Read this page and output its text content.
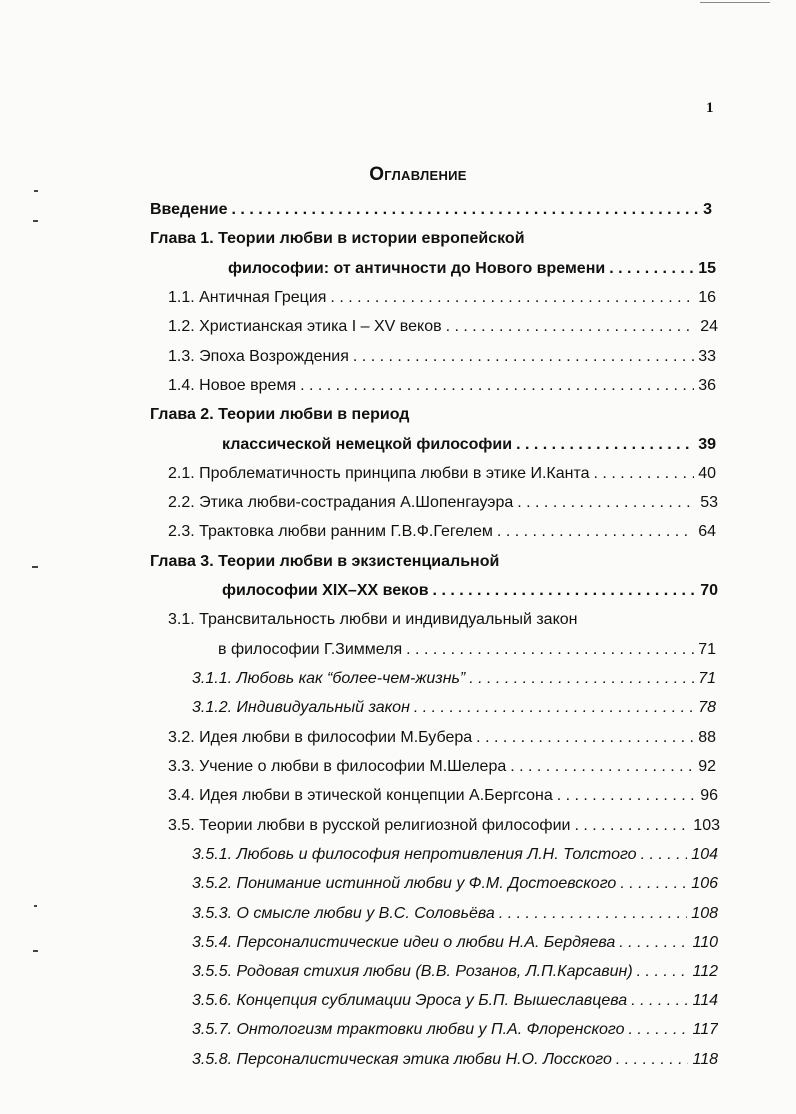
1
Оглавление
Введение . . .	3
Глава 1. Теории любви в истории европейской
философии: от античности до Нового времени . . .	15
1.1. Античная Греция . . .	16
1.2. Христианская этика I – XV веков . . .	24
1.3. Эпоха Возрождения . . .	33
1.4. Новое время . . .	36
Глава 2. Теории любви в период
классической немецкой философии . . .	39
2.1. Проблематичность принципа любви в этике И.Канта . . .	40
2.2. Этика любви-сострадания А.Шопенгауэра . . .	53
2.3. Трактовка любви ранним Г.В.Ф.Гегелем . . .	64
Глава 3. Теории любви в экзистенциальной
философии XIX–XX веков . . .	70
3.1. Трансвитальность любви и индивидуальный закон
в философии Г.Зиммеля . . .	71
3.1.1. Любовь как “более-чем-жизнь” . . .	71
3.1.2. Индивидуальный закон . . .	78
3.2. Идея любви в философии М.Бубера . . .	88
3.3. Учение о любви в философии М.Шелера . . .	92
3.4. Идея любви в этической концепции А.Бергсона . . .	96
3.5. Теории любви в русской религиозной философии . . .	103
3.5.1. Любовь и философия непротивления Л.Н. Толстого . . .	104
3.5.2. Понимание истинной любви у Ф.М. Достоевского . . .	106
3.5.3. О смысле любви у В.С. Соловьёва . . .	108
3.5.4. Персоналистические идеи о любви Н.А. Бердяева . . .	110
3.5.5. Родовая стихия любви (В.В. Розанов, Л.П.Карсавин) . . .	112
3.5.6. Концепция сублимации Эроса у Б.П. Вышеславцева . . .	114
3.5.7. Онтологизм трактовки любви у П.А. Флоренского . . .	117
3.5.8. Персоналистическая этика любви Н.О. Лосского . . .	118
